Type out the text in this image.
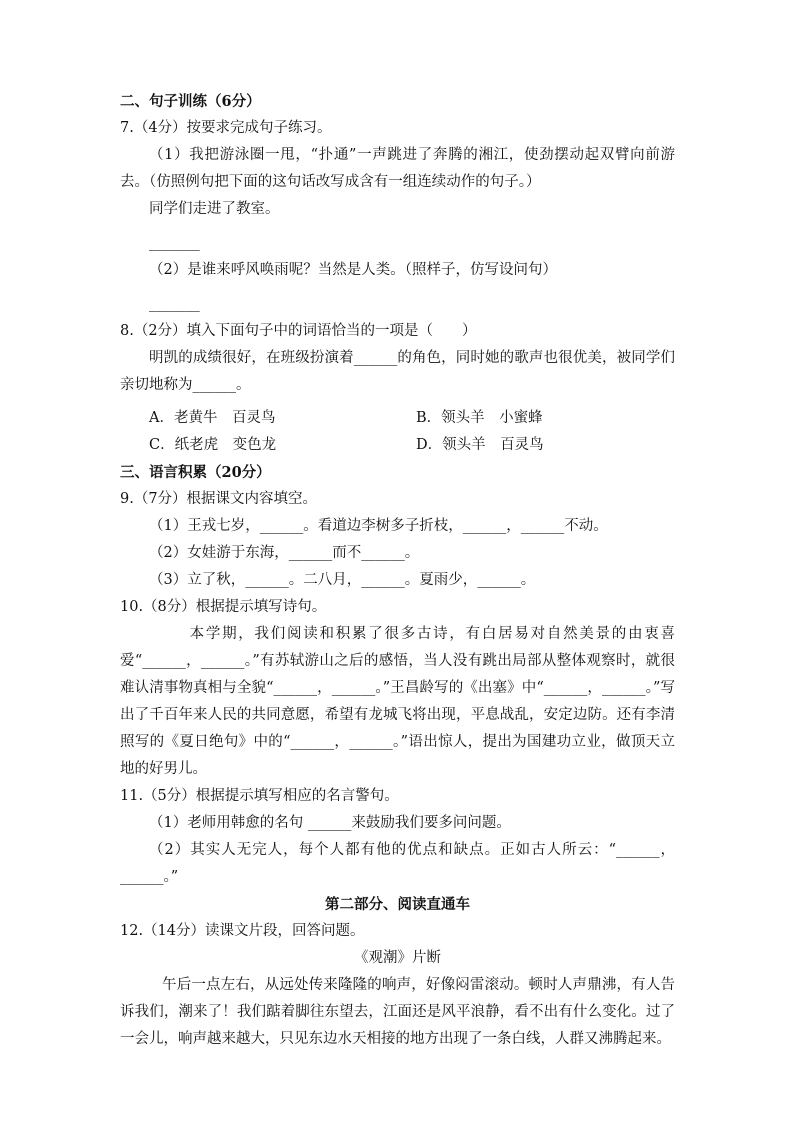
二、句子训练（6分）

7.（4分）按要求完成句子练习。

（1）我把游泳圈一甩，“扑通”一声跳进了奔腾的湘江，使劲摆动起双臂向前游去。（仿照例句把下面的这句话改写成含有一组连续动作的句子。）

同学们走进了教室。

_______

（2）是谁来呼风唤雨呢？当然是人类。（照样子，仿写设问句）

_______

8.（2分）填入下面句子中的词语恰当的一项是（　　）

明凯的成绩很好，在班级扮演着______的角色，同时她的歌声也很优美，被同学们亲切地称为______。

A．老黄牛　百灵鸟	B．领头羊　小蜜蜂
C．纸老虎　变色龙	D．领头羊　百灵鸟

三、语言积累（20分）

9.（7分）根据课文内容填空。

（1）王戎七岁，______。看道边李树多子折枝，______，______不动。

（2）女娃游于东海，______而不______。

（3）立了秋，______。二八月，______。夏雨少，______。

10.（8分）根据提示填写诗句。

本学期，我们阅读和积累了很多古诗，有白居易对自然美景的由衷喜爱“______，______。”有苏轼游山之后的感悟，当人没有跳出局部从整体观察时，就很难认清事物真相与全貌“______，______。”王昌龄写的《出塞》中“______，______。”写出了千百年来人民的共同意愿，希望有龙城飞将出现，平息战乱，安定边防。还有李清照写的《夏日绝句》中的“______，______。”语出惊人，提出为国建功立业，做顶天立地的好男儿。

11.（5分）根据提示填写相应的名言警句。

（1）老师用韩愈的名句 ______来鼓励我们要多问问题。

（2）其实人无完人，每个人都有他的优点和缺点。正如古人所云：“______，______。”

第二部分、阅读直通车

12.（14分）读课文片段，回答问题。

《观潮》片断

午后一点左右，从远处传来隆隆的响声，好像闷雷滚动。顿时人声鼎沸，有人告诉我们，潮来了！我们踮着脚往东望去，江面还是风平浪静，看不出有什么变化。过了一会儿，响声越来越大，只见东边水天相接的地方出现了一条白线，人群又沸腾起来。
